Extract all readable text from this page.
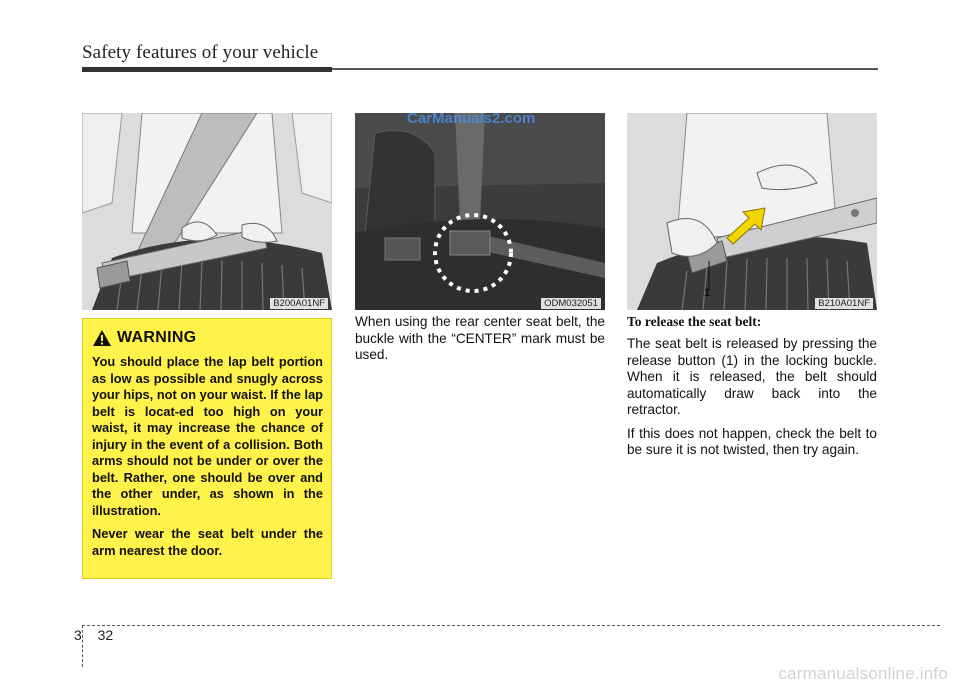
Safety features of your vehicle
B200A01NF
CarManuals2.com
ODM032051
1
B210A01NF
WARNING

You should place the lap belt portion as low as possible and snugly across your hips, not on your waist. If the lap belt is locat-ed too high on your waist, it may increase the chance of injury in the event of a collision. Both arms should not be under or over the belt. Rather, one should be over and the other under, as shown in the illustration.

Never wear the seat belt under the arm nearest the door.

When using the rear center seat belt, the buckle with the “CENTER” mark must be used.
To release the seat belt:

The seat belt is released by pressing the release button (1) in the locking buckle. When it is released, the belt should automatically draw back into the retractor.

If this does not happen, check the belt to be sure it is not twisted, then try again.

3 32
carmanualsonline.info
